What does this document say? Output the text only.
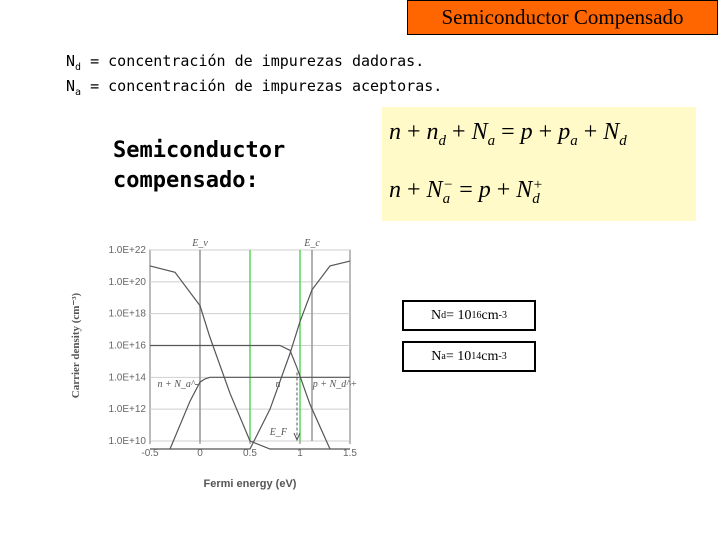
Semiconductor Compensado
$N_d$ = concentración de impurezas dadoras.
$N_a$ = concentración de impurezas aceptoras.
Semiconductor
compensado:
$n + n_d + N_a = p + p_a + N_d$
$n + N_a^- = p + N_d^+$
N d = 10 16 cm -3
N a = 10 14 cm -3
1.0E+10
1.0E+12
1.0E+14
1.0E+16
1.0E+18
1.0E+20
1.0E+22
-0.5	0	0.5	1	1.5
E_v	E_c
E_F
n + N_a^-	n	p + N_d^+
Fermi energy (eV)
Carrier density (cm⁻³)
